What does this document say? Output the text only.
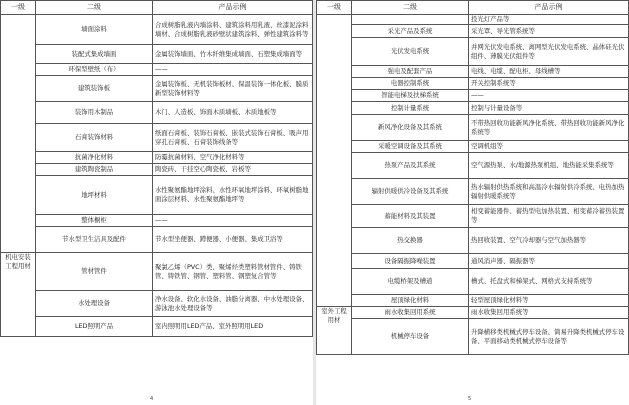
一级	二级	产品示例
	墙面涂料	合成树脂乳液内墙涂料、建筑涂料用乳液、丝漆泥涂料墙材、合成树脂乳液砂壁状建筑涂料、弹性建筑涂料等
	装配式集成墙面	金属装饰墙面、竹木纤维集成墙面、石塑集成墙面等
	环保型壁纸（布）	——
	建筑装饰板	金属装饰板、无机装饰板材、保温装饰一体化板、膜质新型装饰材料等
	装饰用木制品	木门、人造板、饰面木质墙板、木质地板等
	石膏装饰材料	纸面石膏板、装饰石膏板、嵌装式装饰石膏板、吸声用穿孔石膏板、石膏装饰线条等
	抗菌净化材料	防霉抗菌材料、空气净化材料等
	建筑陶瓷制品	陶瓷砖、干挂空心陶瓷板、岩板等
	地坪材料	水性聚氨酯地坪涂料、水性环氧地坪涂料、环氧树脂地面涂层材料、水性聚氨酯地坪等
	整体橱柜	——
	节水型卫生洁具及配件	节水型坐便器、蹲便器、小便器、集成卫浴等
机电安装工程用材	管材管件	聚氯乙烯（PVC）类、聚烯烃类塑料管材管件、铸铁管、铸铁管、钢管、塑料管、钢塑复合管等
	水处理设备	净水设备、软化水设备、油脂分离器、中水处理设备、游泳池水处理设备等
	LED照明产品	室内照明用LED产品、室外照明用LED
4
一级	二级	产品示例
		投光灯产品等
	采光产品及系统	采光罩、导光管系统等
	光伏发电系统	并网光伏发电系统、离网型光伏发电系统、晶体硅光伏组件、薄膜光伏组件等
	强电及配套产品	电线、电缆、配电柜、母线槽等
	电器控制系统	开关控制系统等
	智能电梯及扶梯系统	——
	控制计量系统	控制与计量设备等
	新风净化设备及其系统	不带热回收功能新风净化系统、带热回收功能新风净化系统等
	采暖空调设备及其系统	空调机组等
	热泵产品及其系统	空气源热泵、水/地源热泵机组、地热能采集系统等
	辐射供暖供冷设备及其系统	热水辐射供热系统和高温冷水辐射供冷系统、电热加热辐射供暖系统等
	蓄能材料及其装置	相变蓄能器件、蓄热型电加热装置、相变蓄冷蓄热装置等
	热交换器	热回收装置、空气冷却器与空气加热器等
	设备隔振降噪装置	通风消声器、隔振器等
	电缆桥架及槽道	槽式、托盘式和梯架式、网格式支持系统等
	屋顶绿化材料	轻型屋顶绿化材料等
室外工程用材	雨水收集回用系统	雨水收集回用系统等
	机械停车设备	升降横移类机械式停车设备、简易升降类机械式停车设备、平面移动类机械式停车设备等
5
